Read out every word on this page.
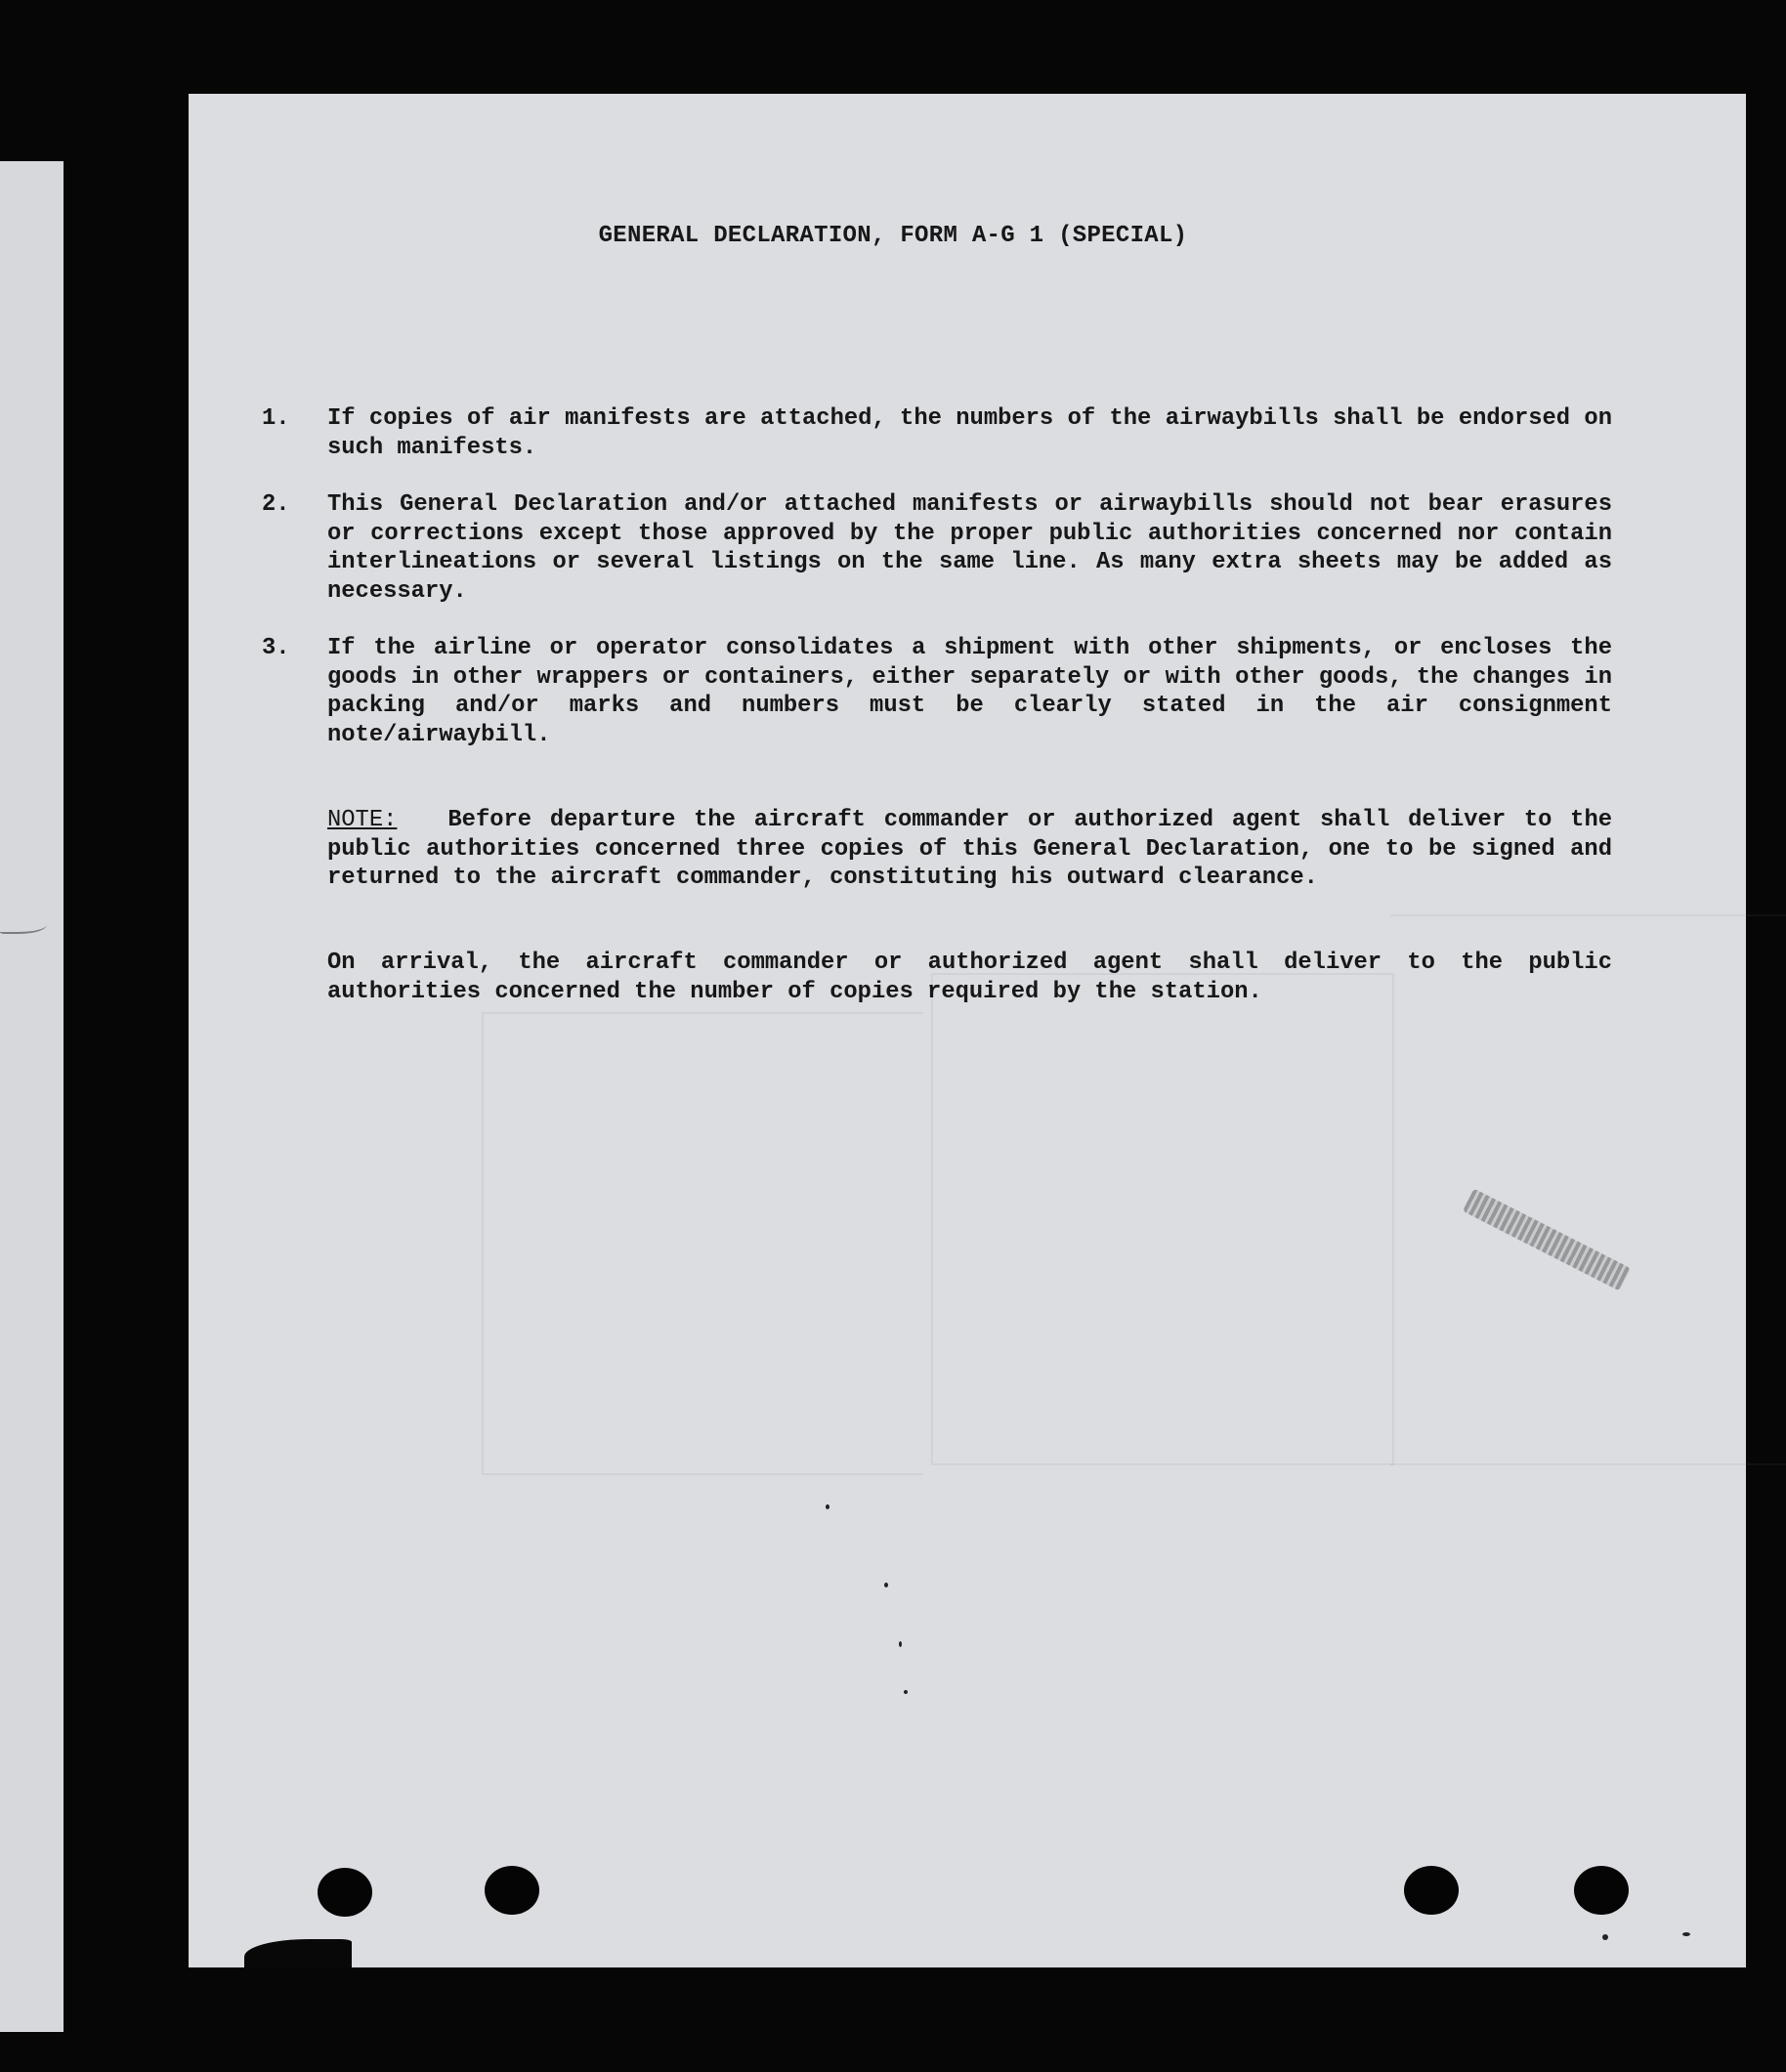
GENERAL DECLARATION, FORM A-G 1 (SPECIAL)
1. If copies of air manifests are attached, the numbers of the airwaybills shall be endorsed on such manifests.
2. This General Declaration and/or attached manifests or airwaybills should not bear erasures or corrections except those approved by the proper public authorities concerned nor contain interlineations or several listings on the same line. As many extra sheets may be added as necessary.
3. If the airline or operator consolidates a shipment with other shipments, or encloses the goods in other wrappers or containers, either separately or with other goods, the changes in packing and/or marks and numbers must be clearly stated in the air consignment note/airwaybill.
NOTE: Before departure the aircraft commander or authorized agent shall deliver to the public authorities concerned three copies of this General Declaration, one to be signed and returned to the aircraft commander, constituting his outward clearance.
On arrival, the aircraft commander or authorized agent shall deliver to the public authorities concerned the number of copies required by the station.
